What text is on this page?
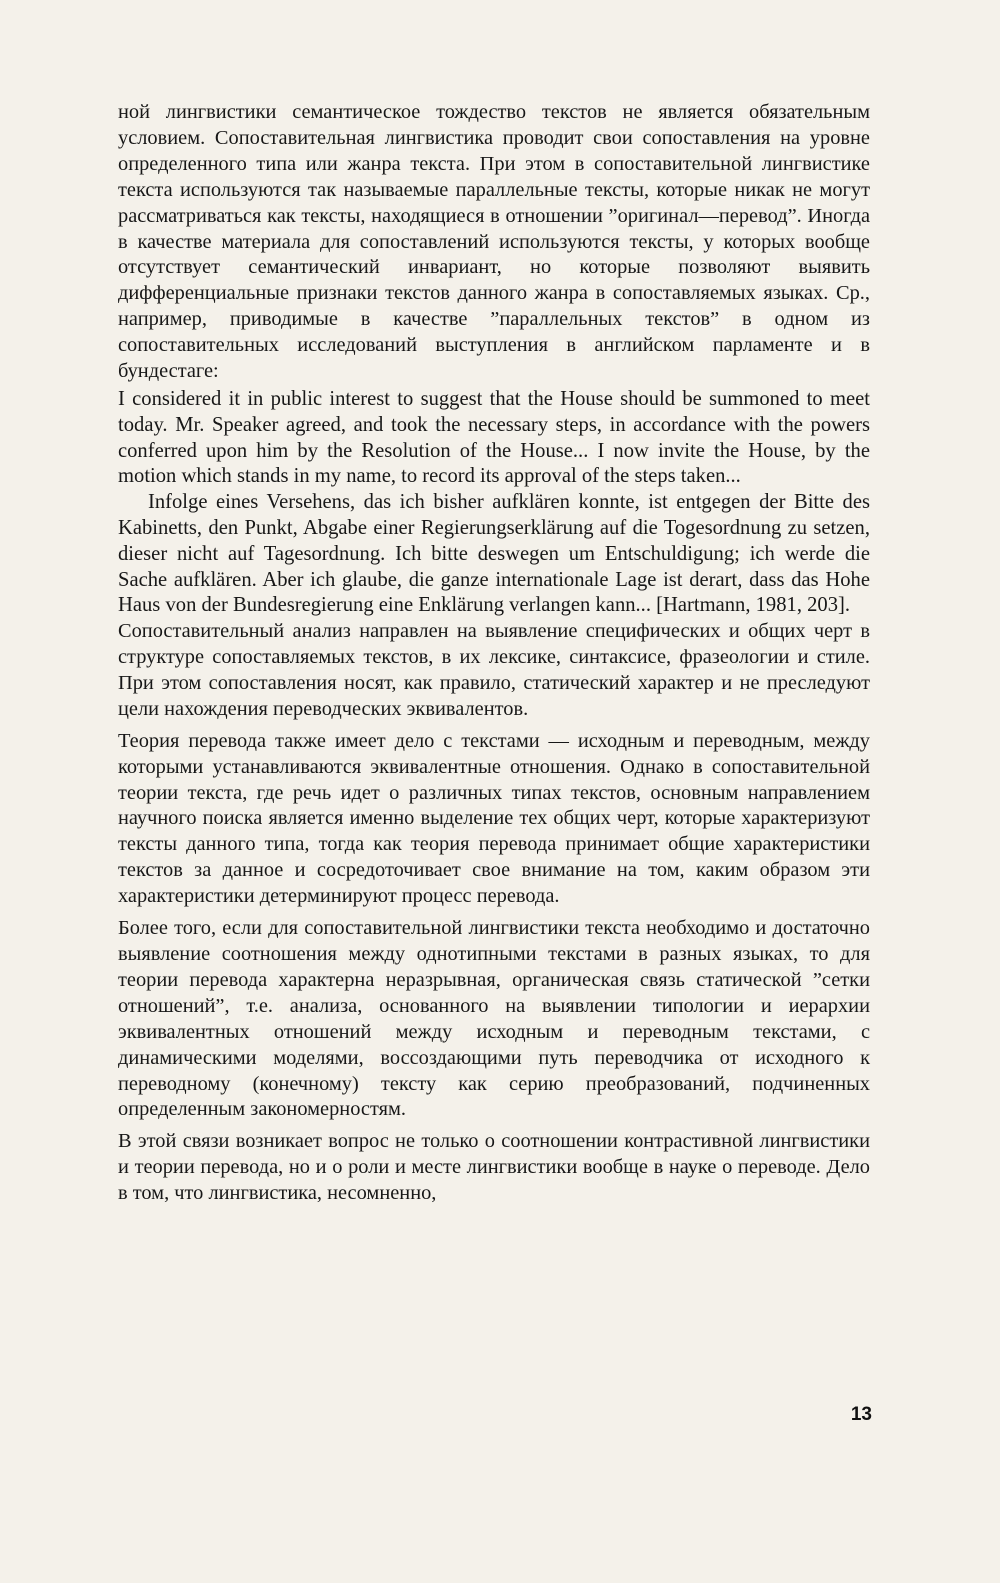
ной лингвистики семантическое тождество текстов не является обязательным условием. Сопоставительная лингвистика проводит свои сопоставления на уровне определенного типа или жанра текста. При этом в сопоставительной лингвистике текста используются так называемые параллельные тексты, которые никак не могут рассматриваться как тексты, находящиеся в отношении ”оригинал—перевод”. Иногда в качестве материала для сопоставлений используются тексты, у которых вообще отсутствует семантический инвариант, но которые позволяют выявить дифференциальные признаки текстов данного жанра в сопоставляемых языках. Ср., например, приводимые в качестве ”параллельных текстов” в одном из сопоставительных исследований выступления в английском парламенте и в бундестаге:

I considered it in public interest to suggest that the House should be summoned to meet today. Mr. Speaker agreed, and took the necessary steps, in accordance with the powers conferred upon him by the Resolution of the House... I now invite the House, by the motion which stands in my name, to record its approval of the steps taken...

Infolge eines Versehens, das ich bisher aufklären konnte, ist entgegen der Bitte des Kabinetts, den Punkt, Abgabe einer Regierungserklärung auf die Togesordnung zu setzen, dieser nicht auf Tagesordnung. Ich bitte deswegen um Entschuldigung; ich werde die Sache aufklären. Aber ich glaube, die ganze internationale Lage ist derart, dass das Hohe Haus von der Bundesregierung eine Enklärung verlangen kann... [Hartmann, 1981, 203].

Сопоставительный анализ направлен на выявление специфических и общих черт в структуре сопоставляемых текстов, в их лексике, синтаксисе, фразеологии и стиле. При этом сопоставления носят, как правило, статический характер и не преследуют цели нахождения переводческих эквивалентов.

Теория перевода также имеет дело с текстами — исходным и переводным, между которыми устанавливаются эквивалентные отношения. Однако в сопоставительной теории текста, где речь идет о различных типах текстов, основным направлением научного поиска является именно выделение тех общих черт, которые характеризуют тексты данного типа, тогда как теория перевода принимает общие характеристики текстов за данное и сосредоточивает свое внимание на том, каким образом эти характеристики детерминируют процесс перевода.

Более того, если для сопоставительной лингвистики текста необходимо и достаточно выявление соотношения между однотипными текстами в разных языках, то для теории перевода характерна неразрывная, органическая связь статической ”сетки отношений”, т.е. анализа, основанного на выявлении типологии и иерархии эквивалентных отношений между исходным и переводным текстами, с динамическими моделями, воссоздающими путь переводчика от исходного к переводному (конечному) тексту как серию преобразований, подчиненных определенным закономерностям.

В этой связи возникает вопрос не только о соотношении контрастивной лингвистики и теории перевода, но и о роли и месте лингвистики вообще в науке о переводе. Дело в том, что лингвистика, несомненно,

13
